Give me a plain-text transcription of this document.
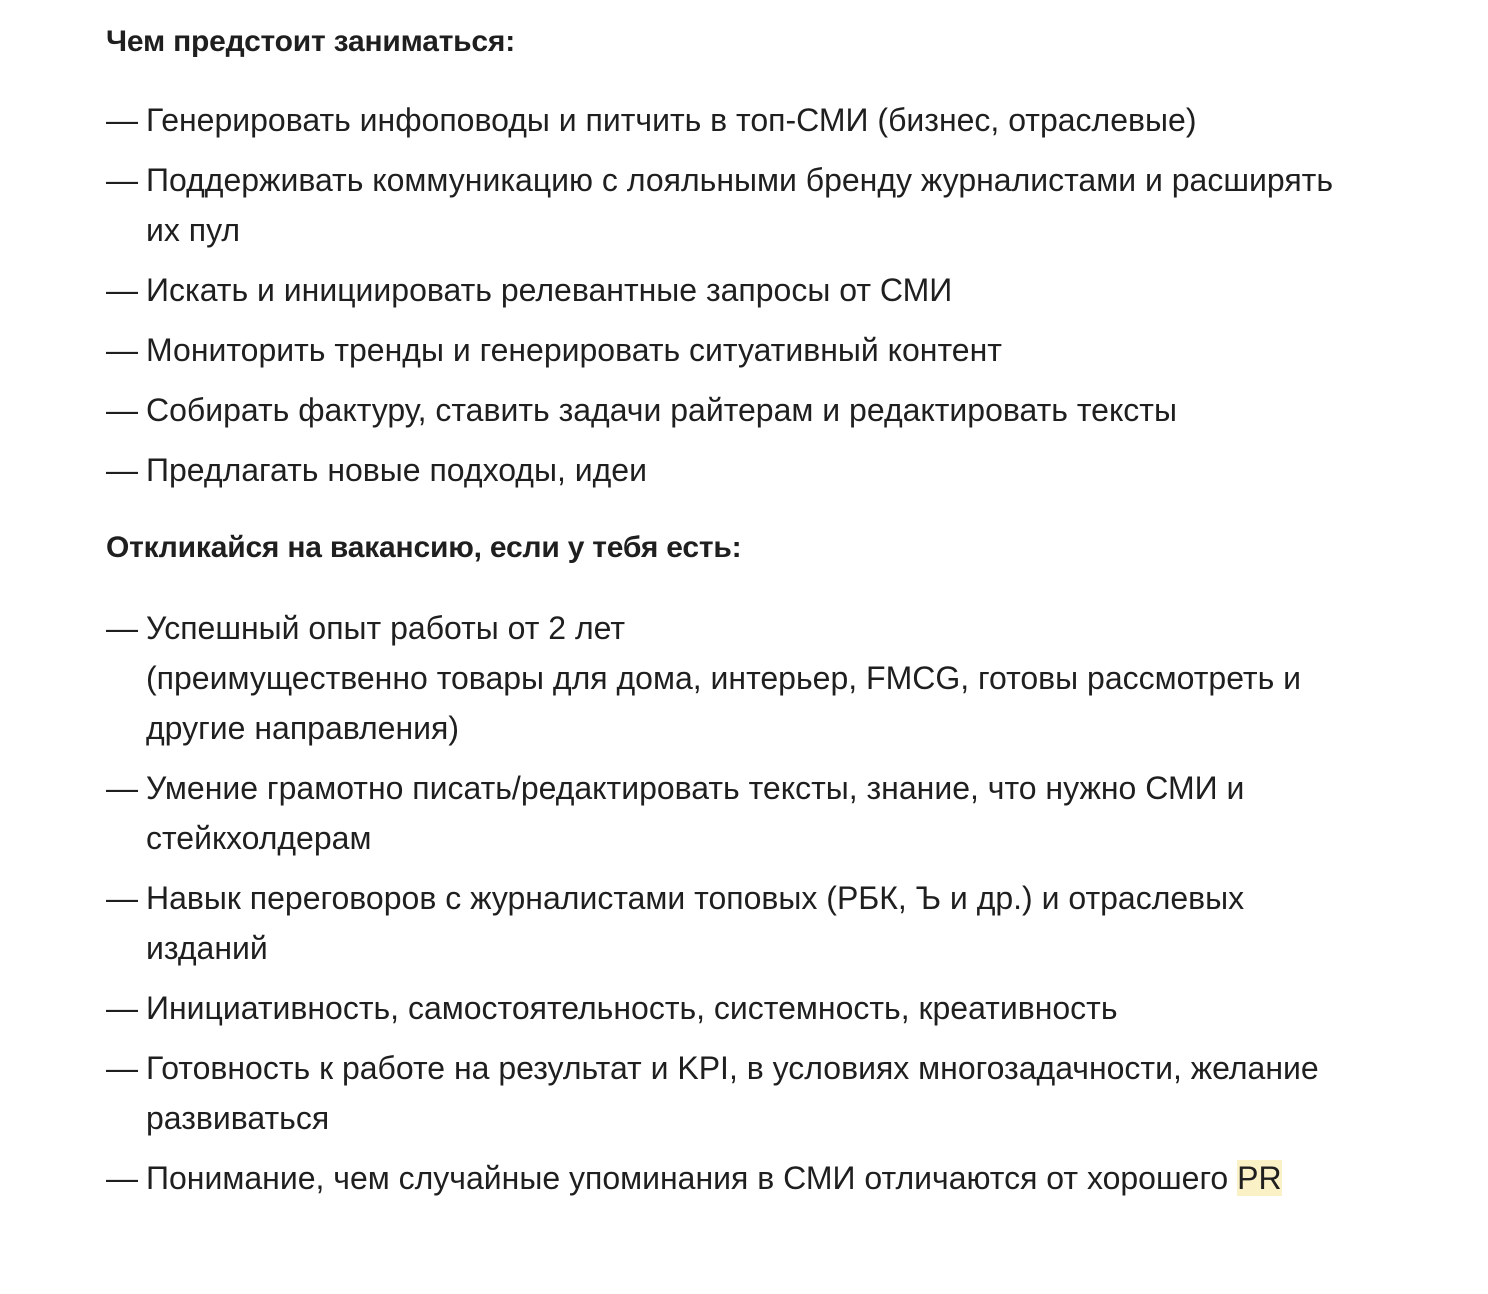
Чем предстоит заниматься:
— Генерировать инфоповоды и питчить в топ-СМИ (бизнес, отраслевые)
— Поддерживать коммуникацию с лояльными бренду журналистами и расширять их пул
— Искать и инициировать релевантные запросы от СМИ
— Мониторить тренды и генерировать ситуативный контент
— Собирать фактуру, ставить задачи райтерам и редактировать тексты
— Предлагать новые подходы, идеи
Откликайся на вакансию, если у тебя есть:
— Успешный опыт работы от 2 лет
(преимущественно товары для дома, интерьер, FMCG, готовы рассмотреть и другие направления)
— Умение грамотно писать/редактировать тексты, знание, что нужно СМИ и стейкхолдерам
— Навык переговоров с журналистами топовых (РБК, Ъ и др.) и отраслевых изданий
— Инициативность, самостоятельность, системность, креативность
— Готовность к работе на результат и KPI, в условиях многозадачности, желание развиваться
— Понимание, чем случайные упоминания в СМИ отличаются от хорошего PR
